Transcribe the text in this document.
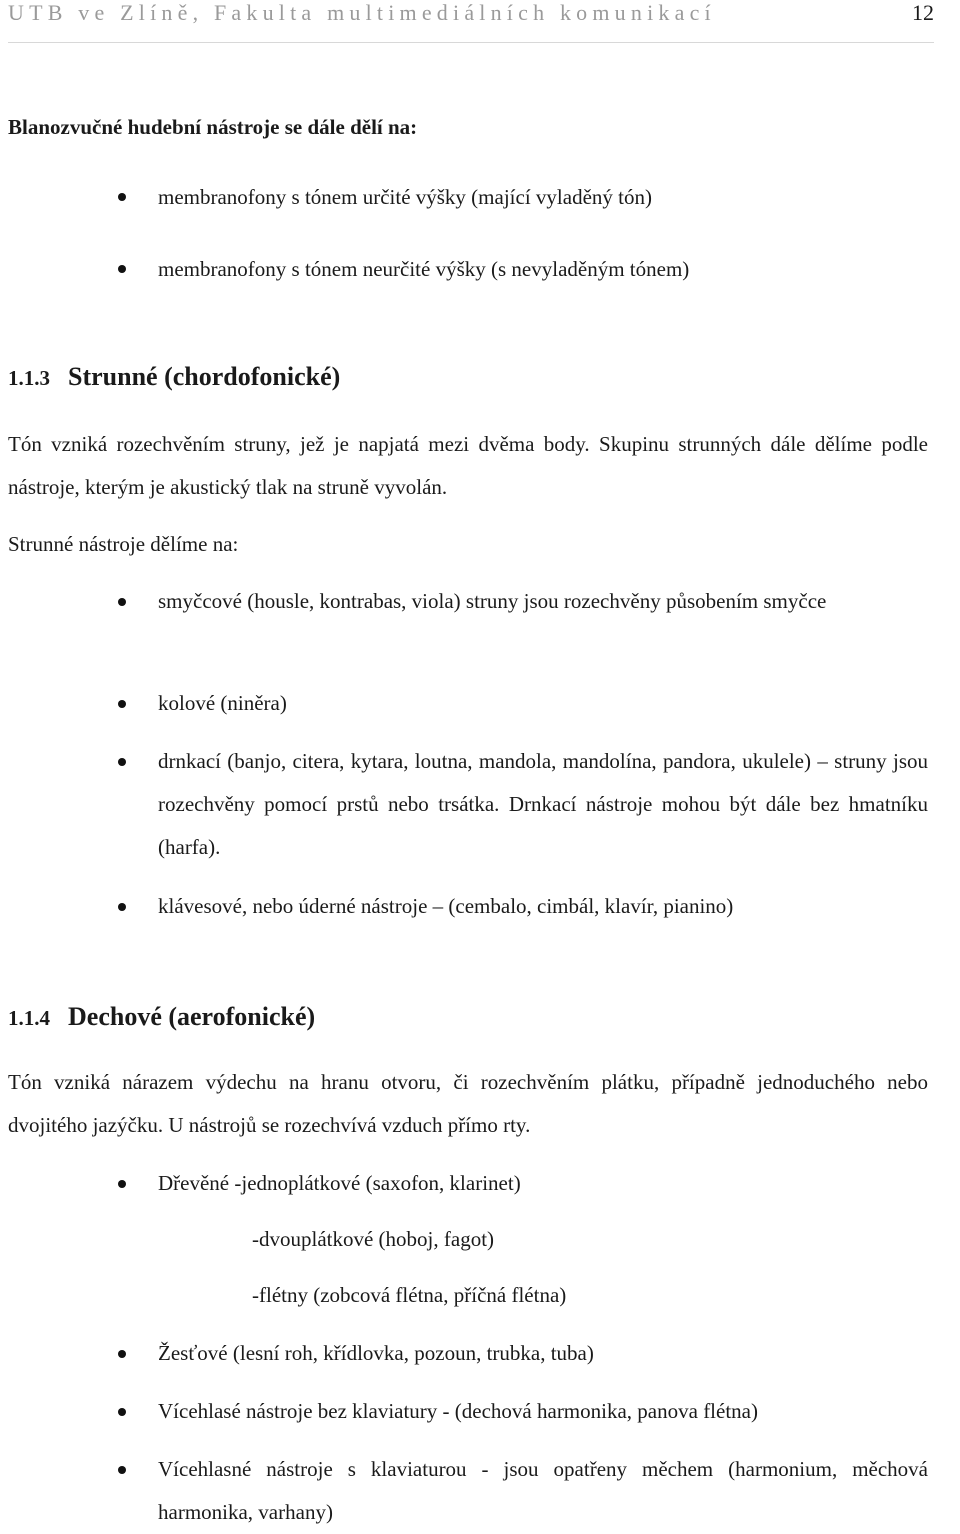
UTB ve Zlíně, Fakulta multimediálních komunikací	12
Blanozvučné hudební nástroje se dále dělí na:
membranofony s tónem určité výšky (mající vyladěný tón)
membranofony s tónem neurčité výšky (s nevyladěným tónem)
1.1.3 Strunné (chordofonické)
Tón vzniká rozechvěním struny, jež je napjatá mezi dvěma body. Skupinu strunných dále dělíme podle nástroje, kterým je akustický tlak na struně vyvolán.
Strunné nástroje dělíme na:
smyčcové (housle, kontrabas, viola) struny jsou rozechvěny působením smyčce
kolové (niněra)
drnkací (banjo, citera, kytara, loutna, mandola, mandolína, pandora, ukulele) – struny jsou rozechvěny pomocí prstů nebo trsátka. Drnkací nástroje mohou být dále bez hmatníku (harfa).
klávesové, nebo úderné nástroje – (cembalo, cimbál, klavír, pianino)
1.1.4 Dechové (aerofonické)
Tón vzniká nárazem výdechu na hranu otvoru, či rozechvěním plátku, případně jednoduchého nebo dvojitého jazýčku. U nástrojů se rozechvívá vzduch přímo rty.
Dřevěné -jednoplátkové (saxofon, klarinet)
-dvouplátkové (hoboj, fagot)
-flétny (zobcová flétna, příčná flétna)
Žesťové (lesní roh, křídlovka, pozoun, trubka, tuba)
Vícehlasé nástroje bez klaviatury - (dechová harmonika, panova flétna)
Vícehlasné nástroje s klaviaturou - jsou opatřeny měchem (harmonium, měchová harmonika, varhany)
